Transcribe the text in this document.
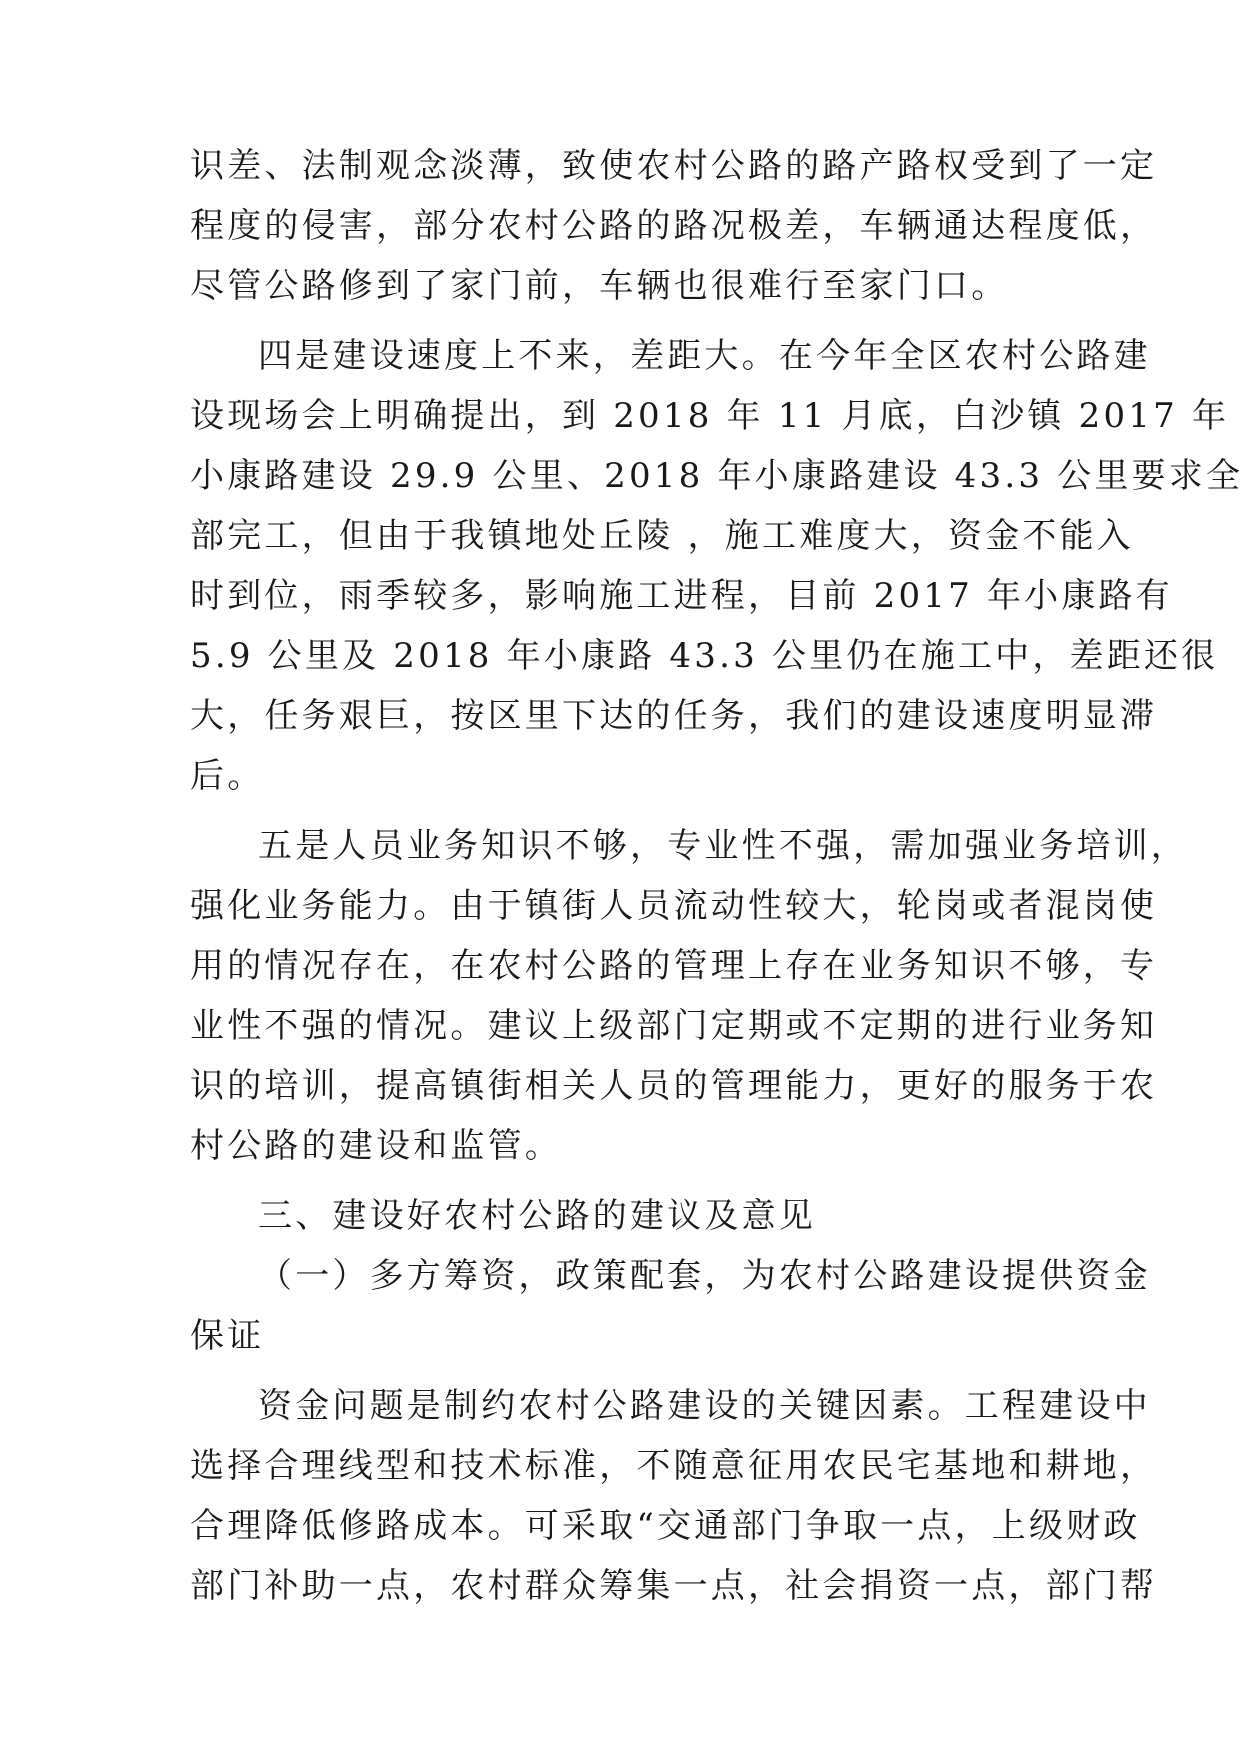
识差、法制观念淡薄，致使农村公路的路产路权受到了一定
程度的侵害，部分农村公路的路况极差，车辆通达程度低，
尽管公路修到了家门前，车辆也很难行至家门口。
四是建设速度上不来，差距大。在今年全区农村公路建
设现场会上明确提出，到 2018 年 11 月底，白沙镇 2017 年
小康路建设 29.9 公里、2018 年小康路建设 43.3 公里要求全
部完工，但由于我镇地处丘陵 ，施工难度大，资金不能入
时到位，雨季较多，影响施工进程，目前 2017 年小康路有
5.9 公里及 2018 年小康路 43.3 公里仍在施工中，差距还很
大，任务艰巨，按区里下达的任务，我们的建设速度明显滞
后。
五是人员业务知识不够，专业性不强，需加强业务培训，
强化业务能力。由于镇街人员流动性较大，轮岗或者混岗使
用的情况存在，在农村公路的管理上存在业务知识不够，专
业性不强的情况。建议上级部门定期或不定期的进行业务知
识的培训，提高镇街相关人员的管理能力，更好的服务于农
村公路的建设和监管。
三、建设好农村公路的建议及意见
（一）多方筹资，政策配套，为农村公路建设提供资金
保证
资金问题是制约农村公路建设的关键因素。工程建设中
选择合理线型和技术标准，不随意征用农民宅基地和耕地，
合理降低修路成本。可采取“交通部门争取一点，上级财政
部门补助一点，农村群众筹集一点，社会捐资一点，部门帮
